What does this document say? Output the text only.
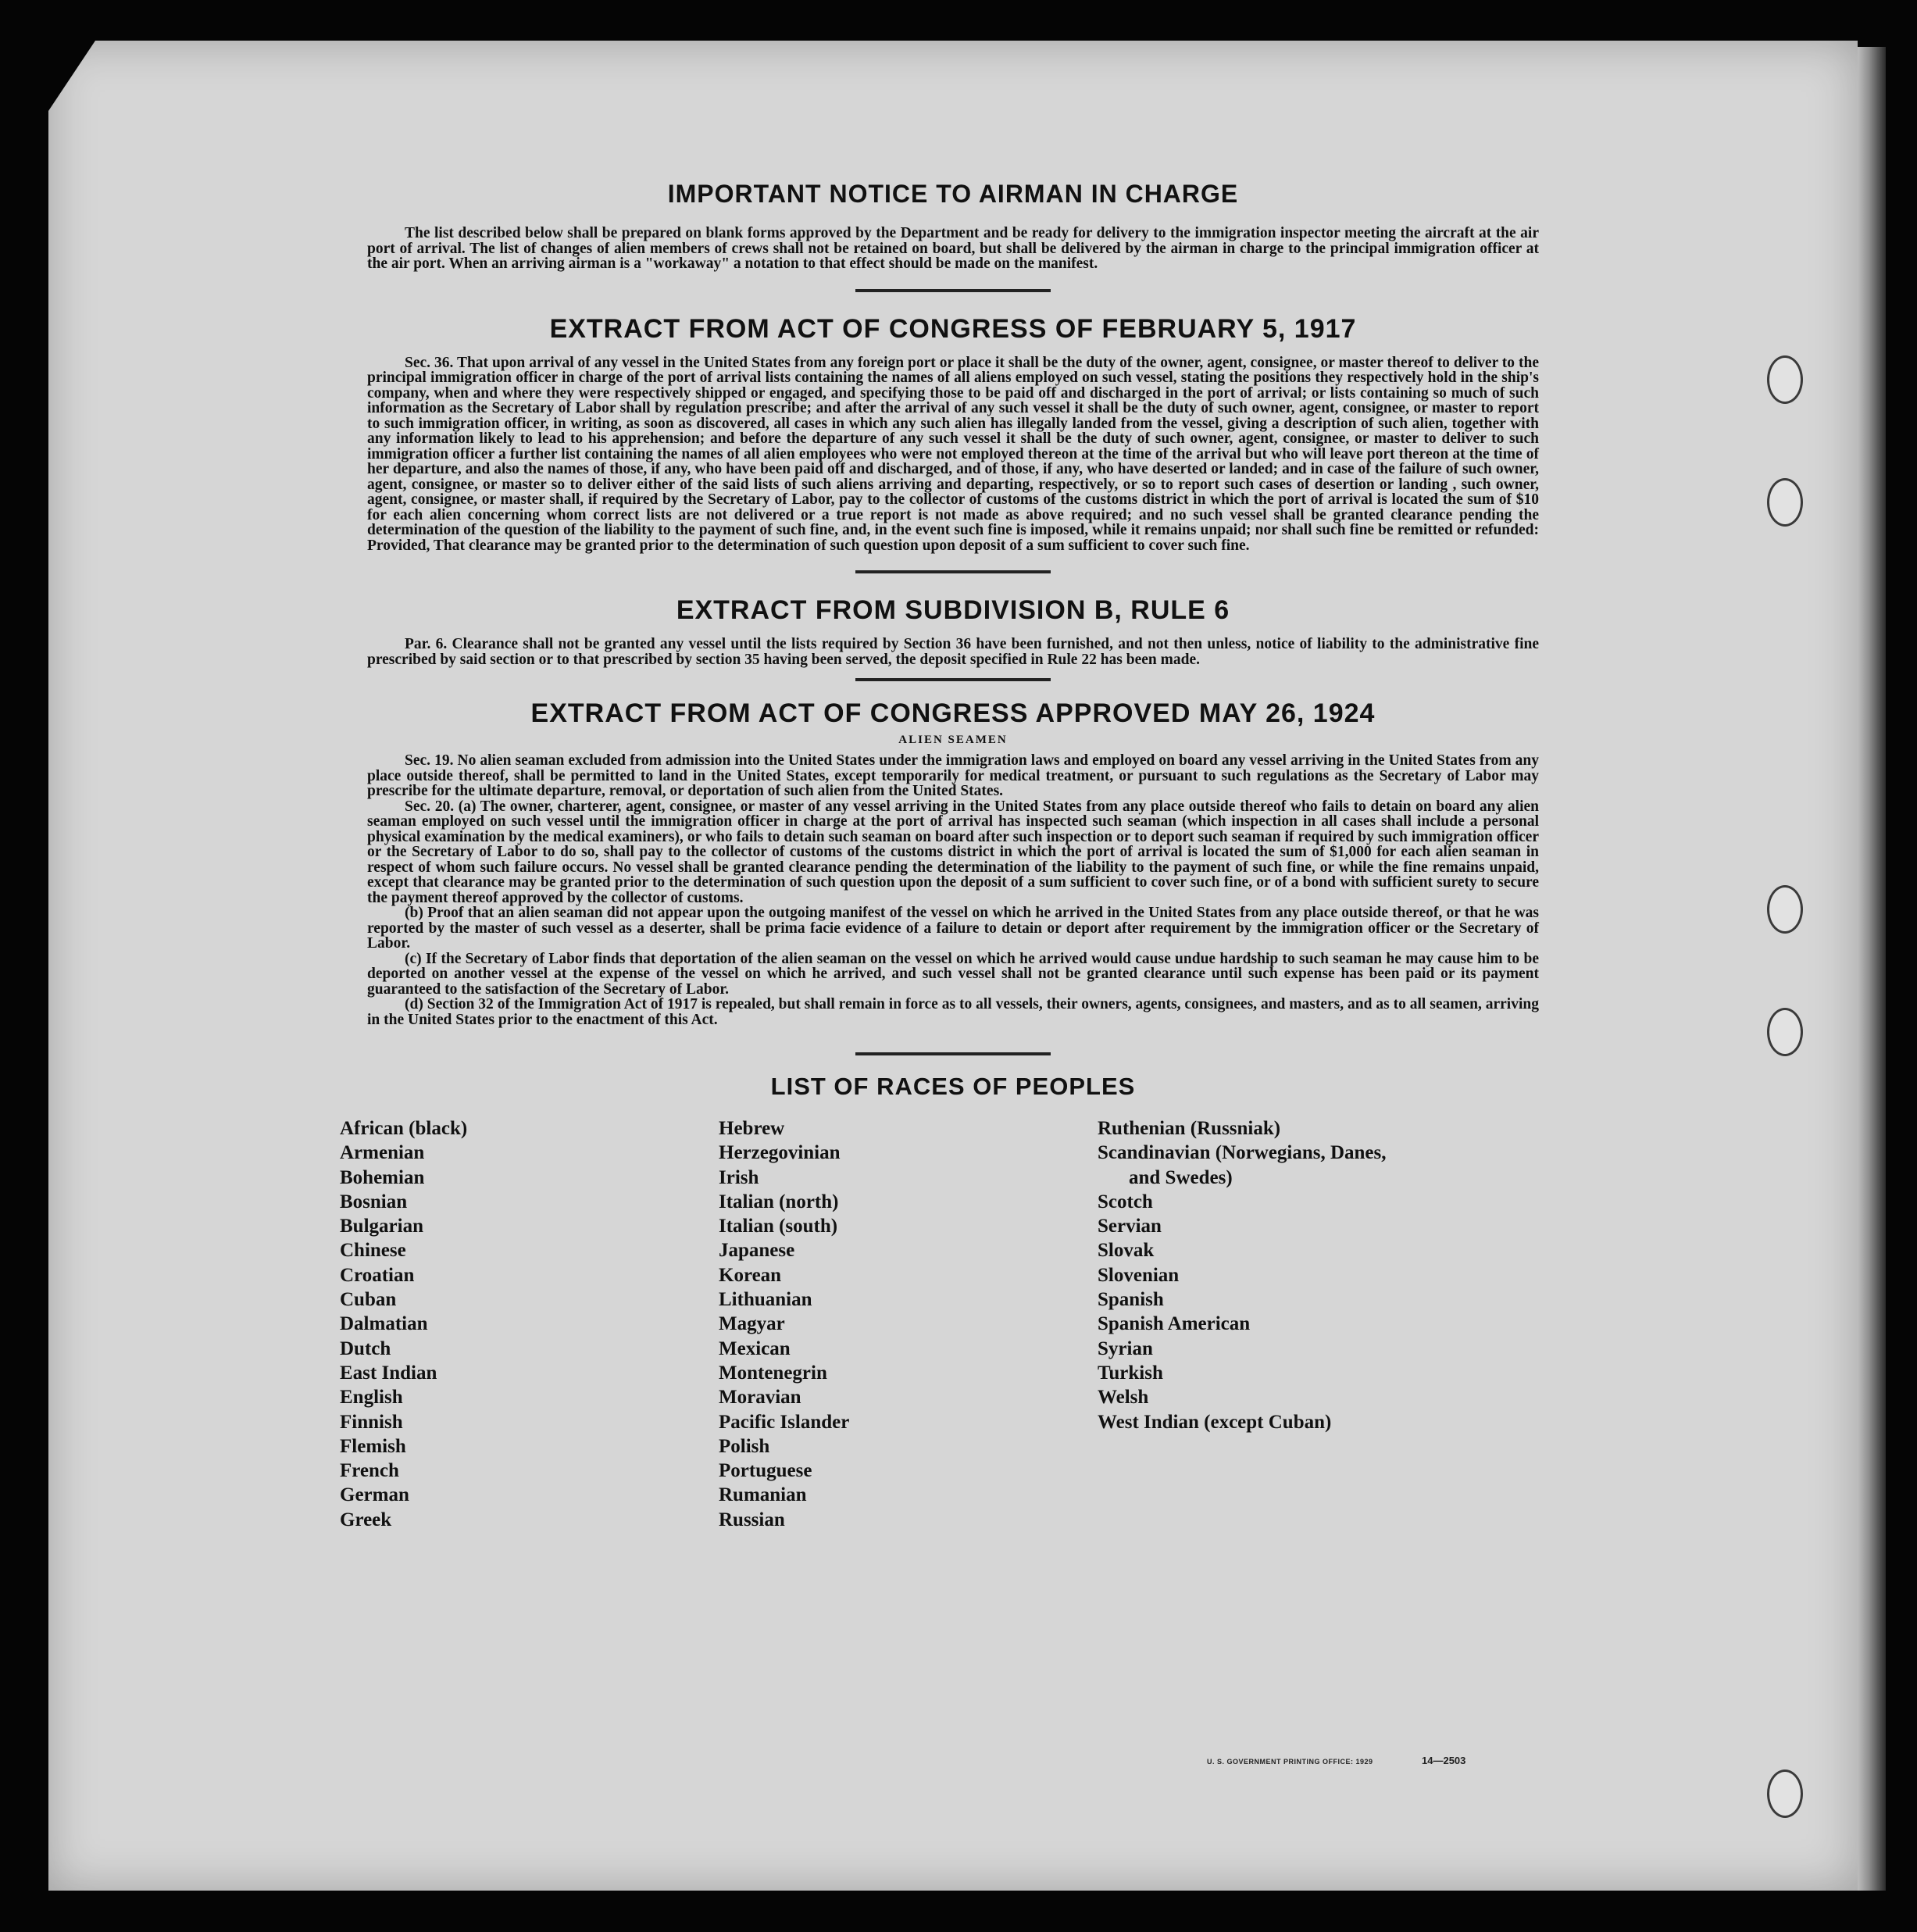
IMPORTANT NOTICE TO AIRMAN IN CHARGE

The list described below shall be prepared on blank forms approved by the Department and be ready for delivery to the immigration inspector meeting the aircraft at the air port of arrival. The list of changes of alien members of crews shall not be retained on board, but shall be delivered by the airman in charge to the principal immigration officer at the air port. When an arriving airman is a "workaway" a notation to that effect should be made on the manifest.

EXTRACT FROM ACT OF CONGRESS OF FEBRUARY 5, 1917

Sec. 36. That upon arrival of any vessel in the United States from any foreign port or place it shall be the duty of the owner, agent, consignee, or master thereof to deliver to the principal immigration officer in charge of the port of arrival lists containing the names of all aliens employed on such vessel, stating the positions they respectively hold in the ship's company, when and where they were respectively shipped or engaged, and specifying those to be paid off and discharged in the port of arrival; or lists containing so much of such information as the Secretary of Labor shall by regulation prescribe; and after the arrival of any such vessel it shall be the duty of such owner, agent, consignee, or master to report to such immigration officer, in writing, as soon as discovered, all cases in which any such alien has illegally landed from the vessel, giving a description of such alien, together with any information likely to lead to his apprehension; and before the departure of any such vessel it shall be the duty of such owner, agent, consignee, or master to deliver to such immigration officer a further list containing the names of all alien employees who were not employed thereon at the time of the arrival but who will leave port thereon at the time of her departure, and also the names of those, if any, who have been paid off and discharged, and of those, if any, who have deserted or landed; and in case of the failure of such owner, agent, consignee, or master so to deliver either of the said lists of such aliens arriving and departing, respectively, or so to report such cases of desertion or landing , such owner, agent, consignee, or master shall, if required by the Secretary of Labor, pay to the collector of customs of the customs district in which the port of arrival is located the sum of $10 for each alien concerning whom correct lists are not delivered or a true report is not made as above required; and no such vessel shall be granted clearance pending the determination of the question of the liability to the payment of such fine, and, in the event such fine is imposed, while it remains unpaid; nor shall such fine be remitted or refunded: Provided, That clearance may be granted prior to the determination of such question upon deposit of a sum sufficient to cover such fine.

EXTRACT FROM SUBDIVISION B, RULE 6

Par. 6. Clearance shall not be granted any vessel until the lists required by Section 36 have been furnished, and not then unless, notice of liability to the administrative fine prescribed by said section or to that prescribed by section 35 having been served, the deposit specified in Rule 22 has been made.

EXTRACT FROM ACT OF CONGRESS APPROVED MAY 26, 1924
ALIEN SEAMEN

Sec. 19. No alien seaman excluded from admission into the United States under the immigration laws and employed on board any vessel arriving in the United States from any place outside thereof, shall be permitted to land in the United States, except temporarily for medical treatment, or pursuant to such regulations as the Secretary of Labor may prescribe for the ultimate departure, removal, or deportation of such alien from the United States.

Sec. 20. (a) The owner, charterer, agent, consignee, or master of any vessel arriving in the United States from any place outside thereof who fails to detain on board any alien seaman employed on such vessel until the immigration officer in charge at the port of arrival has inspected such seaman (which inspection in all cases shall include a personal physical examination by the medical examiners), or who fails to detain such seaman on board after such inspection or to deport such seaman if required by such immigration officer or the Secretary of Labor to do so, shall pay to the collector of customs of the customs district in which the port of arrival is located the sum of $1,000 for each alien seaman in respect of whom such failure occurs. No vessel shall be granted clearance pending the determination of the liability to the payment of such fine, or while the fine remains unpaid, except that clearance may be granted prior to the determination of such question upon the deposit of a sum sufficient to cover such fine, or of a bond with sufficient surety to secure the payment thereof approved by the collector of customs.

(b) Proof that an alien seaman did not appear upon the outgoing manifest of the vessel on which he arrived in the United States from any place outside thereof, or that he was reported by the master of such vessel as a deserter, shall be prima facie evidence of a failure to detain or deport after requirement by the immigration officer or the Secretary of Labor.

(c) If the Secretary of Labor finds that deportation of the alien seaman on the vessel on which he arrived would cause undue hardship to such seaman he may cause him to be deported on another vessel at the expense of the vessel on which he arrived, and such vessel shall not be granted clearance until such expense has been paid or its payment guaranteed to the satisfaction of the Secretary of Labor.

(d) Section 32 of the Immigration Act of 1917 is repealed, but shall remain in force as to all vessels, their owners, agents, consignees, and masters, and as to all seamen, arriving in the United States prior to the enactment of this Act.

LIST OF RACES OF PEOPLES
African (black)
Armenian
Bohemian
Bosnian
Bulgarian
Chinese
Croatian
Cuban
Dalmatian
Dutch
East Indian
English
Finnish
Flemish
French
German
Greek
Hebrew
Herzegovinian
Irish
Italian (north)
Italian (south)
Japanese
Korean
Lithuanian
Magyar
Mexican
Montenegrin
Moravian
Pacific Islander
Polish
Portuguese
Rumanian
Russian
Ruthenian (Russniak)
Scandinavian (Norwegians, Danes,
and Swedes)
Scotch
Servian
Slovak
Slovenian
Spanish
Spanish American
Syrian
Turkish
Welsh
West Indian (except Cuban)
U. S. GOVERNMENT PRINTING OFFICE: 1929	14—2503
